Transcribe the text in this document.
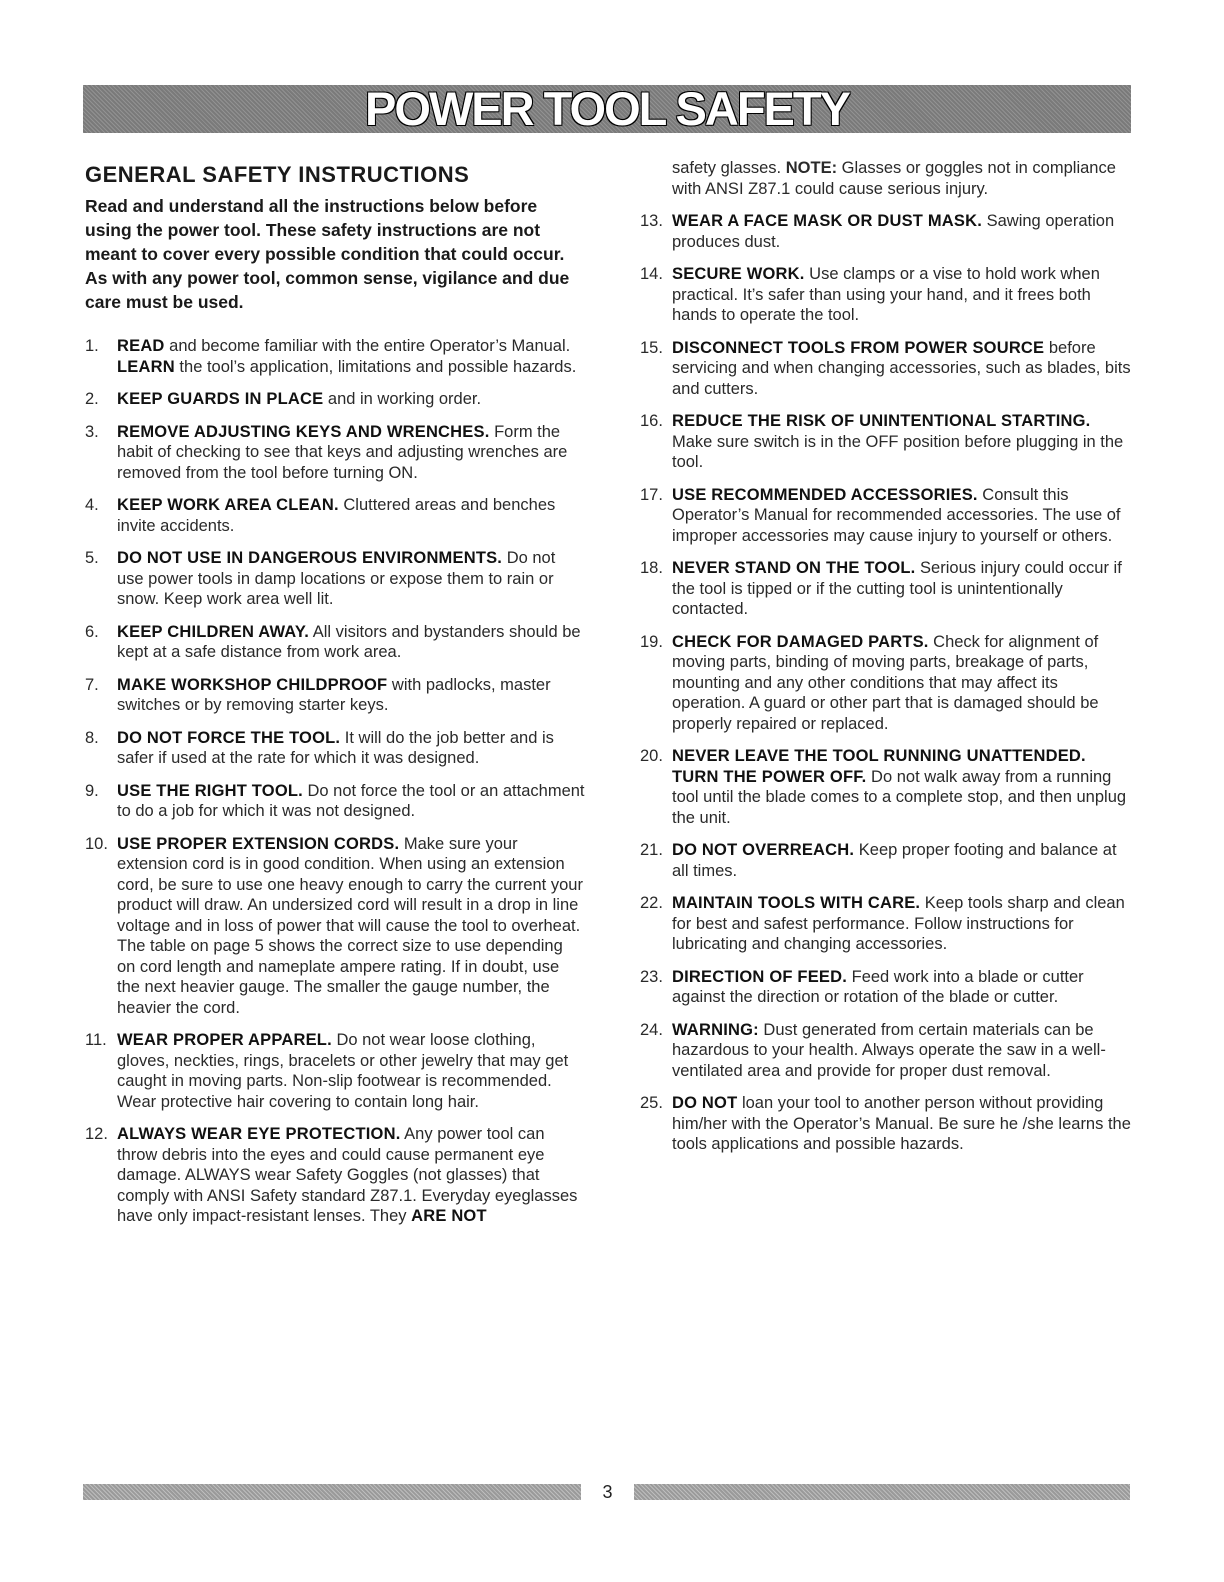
POWER TOOL SAFETY
GENERAL SAFETY INSTRUCTIONS
Read and understand all the instructions below before using the power tool. These safety instructions are not meant to cover every possible condition that could occur. As with any power tool, common sense, vigilance and due care must be used.
1.	READ and become familiar with the entire Operator’s Manual. LEARN the tool’s application, limitations and possible hazards.
2.	KEEP GUARDS IN PLACE and in working order.
3.	REMOVE ADJUSTING KEYS AND WRENCHES. Form the habit of checking to see that keys and adjusting wrenches are removed from the tool before turning ON.
4.	KEEP WORK AREA CLEAN. Cluttered areas and benches invite accidents.
5.	DO NOT USE IN DANGEROUS ENVIRONMENTS. Do not use power tools in damp locations or expose them to rain or snow. Keep work area well lit.
6.	KEEP CHILDREN AWAY. All visitors and bystanders should be kept at a safe distance from work area.
7.	MAKE WORKSHOP CHILDPROOF with padlocks, master switches or by removing starter keys.
8.	DO NOT FORCE THE TOOL. It will do the job better and is safer if used at the rate for which it was designed.
9.	USE THE RIGHT TOOL. Do not force the tool or an attachment to do a job for which it was not designed.
10. USE PROPER EXTENSION CORDS. Make sure your extension cord is in good condition. When using an extension cord, be sure to use one heavy enough to carry the current your product will draw. An undersized cord will result in a drop in line voltage and in loss of power that will cause the tool to overheat. The table on page 5 shows the correct size to use depending on cord length and nameplate ampere rating. If in doubt, use the next heavier gauge. The smaller the gauge number, the heavier the cord.
11. WEAR PROPER APPAREL. Do not wear loose clothing, gloves, neckties, rings, bracelets or other jewelry that may get caught in moving parts. Non-slip footwear is recommended. Wear protective hair covering to contain long hair.
12. ALWAYS WEAR EYE PROTECTION. Any power tool can throw debris into the eyes and could cause permanent eye damage. ALWAYS wear Safety Goggles (not glasses) that comply with ANSI Safety standard Z87.1. Everyday eyeglasses have only impact-resistant lenses. They ARE NOT
safety glasses. NOTE: Glasses or goggles not in compliance with ANSI Z87.1 could cause serious injury.
13. WEAR A FACE MASK OR DUST MASK. Sawing operation produces dust.
14. SECURE WORK. Use clamps or a vise to hold work when practical. It’s safer than using your hand, and it frees both hands to operate the tool.
15. DISCONNECT TOOLS FROM POWER SOURCE before servicing and when changing accessories, such as blades, bits and cutters.
16. REDUCE THE RISK OF UNINTENTIONAL STARTING. Make sure switch is in the OFF position before plugging in the tool.
17. USE RECOMMENDED ACCESSORIES. Consult this Operator’s Manual for recommended accessories. The use of improper accessories may cause injury to yourself or others.
18. NEVER STAND ON THE TOOL. Serious injury could occur if the tool is tipped or if the cutting tool is unintentionally contacted.
19. CHECK FOR DAMAGED PARTS. Check for alignment of moving parts, binding of moving parts, breakage of parts, mounting and any other conditions that may affect its operation. A guard or other part that is damaged should be properly repaired or replaced.
20. NEVER LEAVE THE TOOL RUNNING UNATTENDED. TURN THE POWER OFF. Do not walk away from a running tool until the blade comes to a complete stop, and then unplug the unit.
21. DO NOT OVERREACH. Keep proper footing and balance at all times.
22. MAINTAIN TOOLS WITH CARE. Keep tools sharp and clean for best and safest performance. Follow instructions for lubricating and changing accessories.
23. DIRECTION OF FEED. Feed work into a blade or cutter against the direction or rotation of the blade or cutter.
24. WARNING: Dust generated from certain materials can be hazardous to your health. Always operate the saw in a well-ventilated area and provide for proper dust removal.
25. DO NOT loan your tool to another person without providing him/her with the Operator’s Manual. Be sure he /she learns the tools applications and possible hazards.
3
